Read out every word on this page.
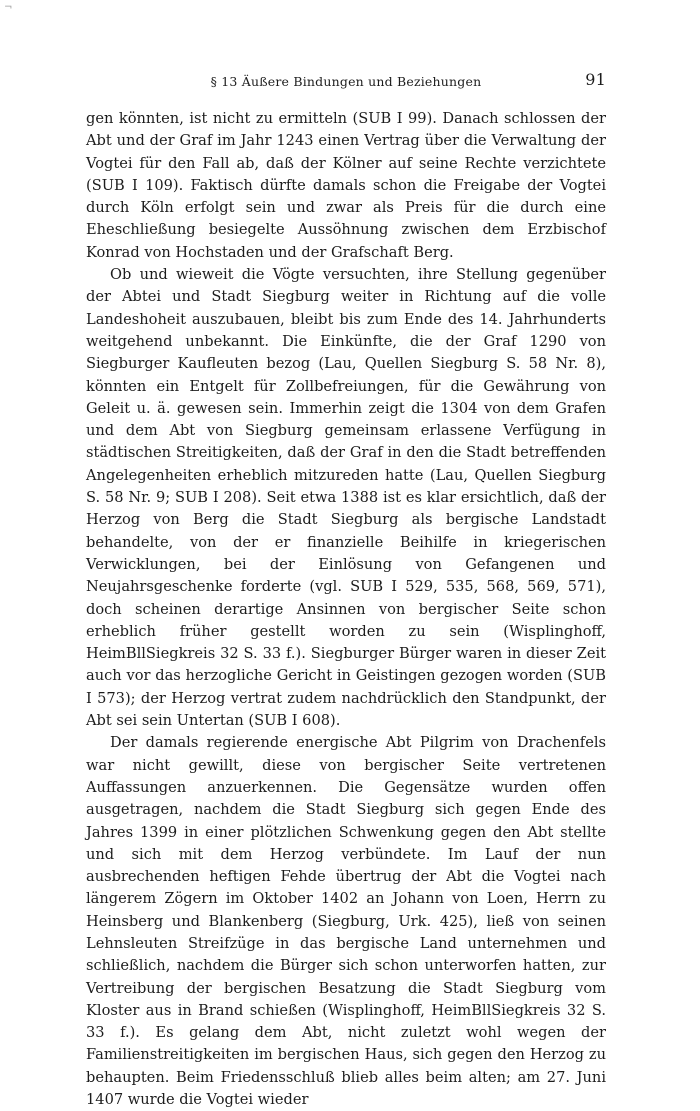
¬
§ 13 Äußere Bindungen und Beziehungen	91

gen könnten, ist nicht zu ermitteln (SUB I 99). Danach schlossen der Abt und der Graf im Jahr 1243 einen Vertrag über die Verwaltung der Vogtei für den Fall ab, daß der Kölner auf seine Rechte verzichtete (SUB I 109). Faktisch dürfte damals schon die Freigabe der Vogtei durch Köln erfolgt sein und zwar als Preis für die durch eine Eheschließung besiegelte Aussöhnung zwischen dem Erzbischof Konrad von Hochstaden und der Grafschaft Berg.

Ob und wieweit die Vögte versuchten, ihre Stellung gegenüber der Abtei und Stadt Siegburg weiter in Richtung auf die volle Landeshoheit auszubauen, bleibt bis zum Ende des 14. Jahrhunderts weitgehend unbekannt. Die Einkünfte, die der Graf 1290 von Siegburger Kaufleuten bezog (Lau, Quellen Siegburg S. 58 Nr. 8), könnten ein Entgelt für Zollbefreiungen, für die Gewährung von Geleit u. ä. gewesen sein. Immerhin zeigt die 1304 von dem Grafen und dem Abt von Siegburg gemeinsam erlassene Verfügung in städtischen Streitigkeiten, daß der Graf in den die Stadt betreffenden Angelegenheiten erheblich mitzureden hatte (Lau, Quellen Siegburg S. 58 Nr. 9; SUB I 208). Seit etwa 1388 ist es klar ersichtlich, daß der Herzog von Berg die Stadt Siegburg als bergische Landstadt behandelte, von der er finanzielle Beihilfe in kriegerischen Verwicklungen, bei der Einlösung von Gefangenen und Neujahrsgeschenke forderte (vgl. SUB I 529, 535, 568, 569, 571), doch scheinen derartige Ansinnen von bergischer Seite schon erheblich früher gestellt worden zu sein (Wisplinghoff, HeimBllSiegkreis 32 S. 33 f.). Siegburger Bürger waren in dieser Zeit auch vor das herzogliche Gericht in Geistingen gezogen worden (SUB I 573); der Herzog vertrat zudem nachdrücklich den Standpunkt, der Abt sei sein Untertan (SUB I 608).

Der damals regierende energische Abt Pilgrim von Drachenfels war nicht gewillt, diese von bergischer Seite vertretenen Auffassungen anzuerkennen. Die Gegensätze wurden offen ausgetragen, nachdem die Stadt Siegburg sich gegen Ende des Jahres 1399 in einer plötzlichen Schwenkung gegen den Abt stellte und sich mit dem Herzog verbündete. Im Lauf der nun ausbrechenden heftigen Fehde übertrug der Abt die Vogtei nach längerem Zögern im Oktober 1402 an Johann von Loen, Herrn zu Heinsberg und Blankenberg (Siegburg, Urk. 425), ließ von seinen Lehnsleuten Streifzüge in das bergische Land unternehmen und schließlich, nachdem die Bürger sich schon unterworfen hatten, zur Vertreibung der bergischen Besatzung die Stadt Siegburg vom Kloster aus in Brand schießen (Wisplinghoff, HeimBllSiegkreis 32 S. 33 f.). Es gelang dem Abt, nicht zuletzt wohl wegen der Familienstreitigkeiten im bergischen Haus, sich gegen den Herzog zu behaupten. Beim Friedensschluß blieb alles beim alten; am 27. Juni 1407 wurde die Vogtei wieder
